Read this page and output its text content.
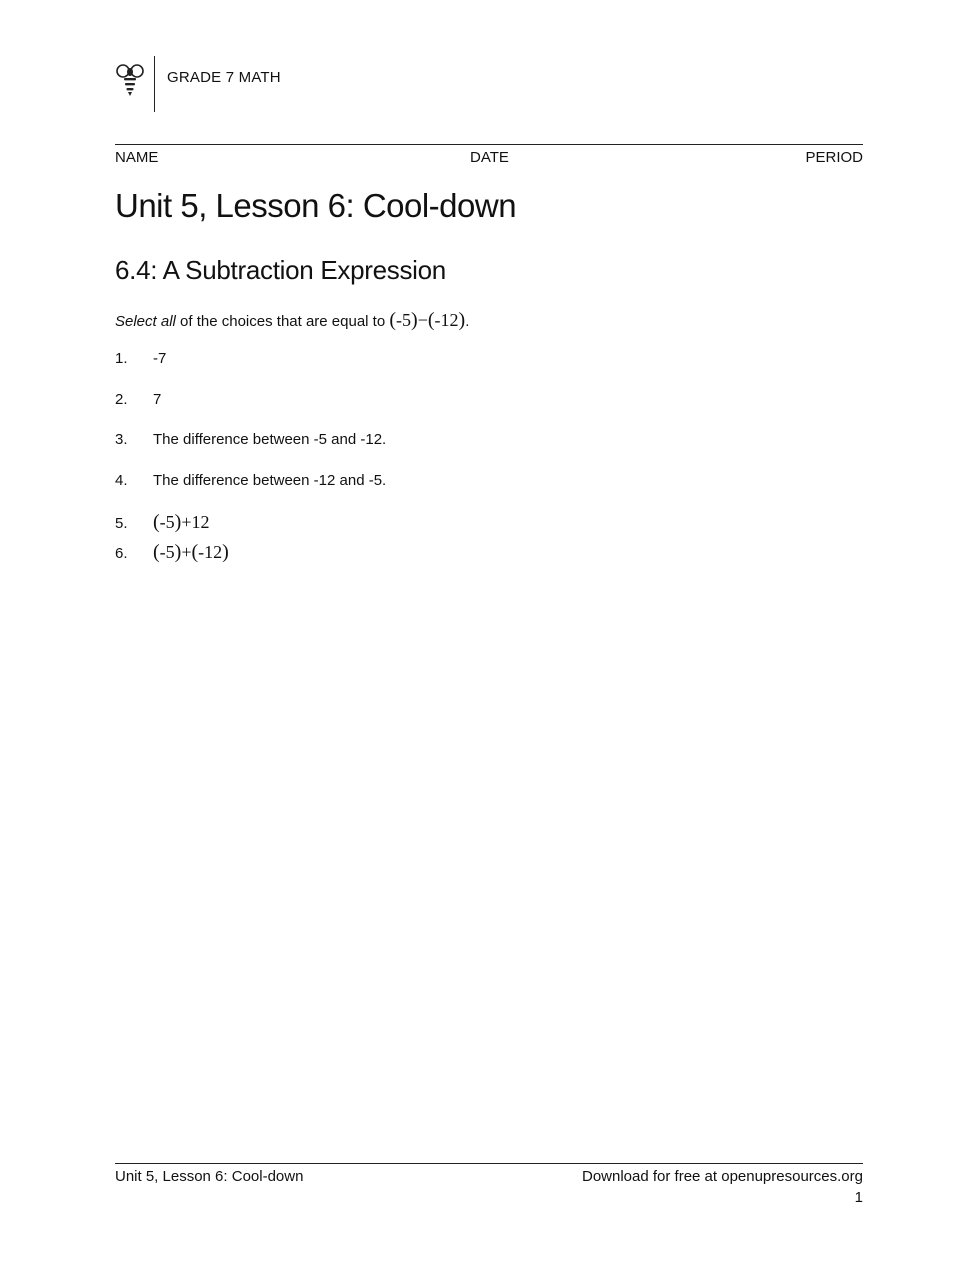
GRADE 7 MATH
NAME	DATE	PERIOD
Unit 5, Lesson 6: Cool-down
6.4: A Subtraction Expression
Select all of the choices that are equal to (-5)−(-12).
1. -7
2. 7
3. The difference between -5 and -12.
4. The difference between -12 and -5.
5. (-5)+12
6. (-5)+(-12)
Unit 5, Lesson 6: Cool-down	Download for free at openupresources.org
1
